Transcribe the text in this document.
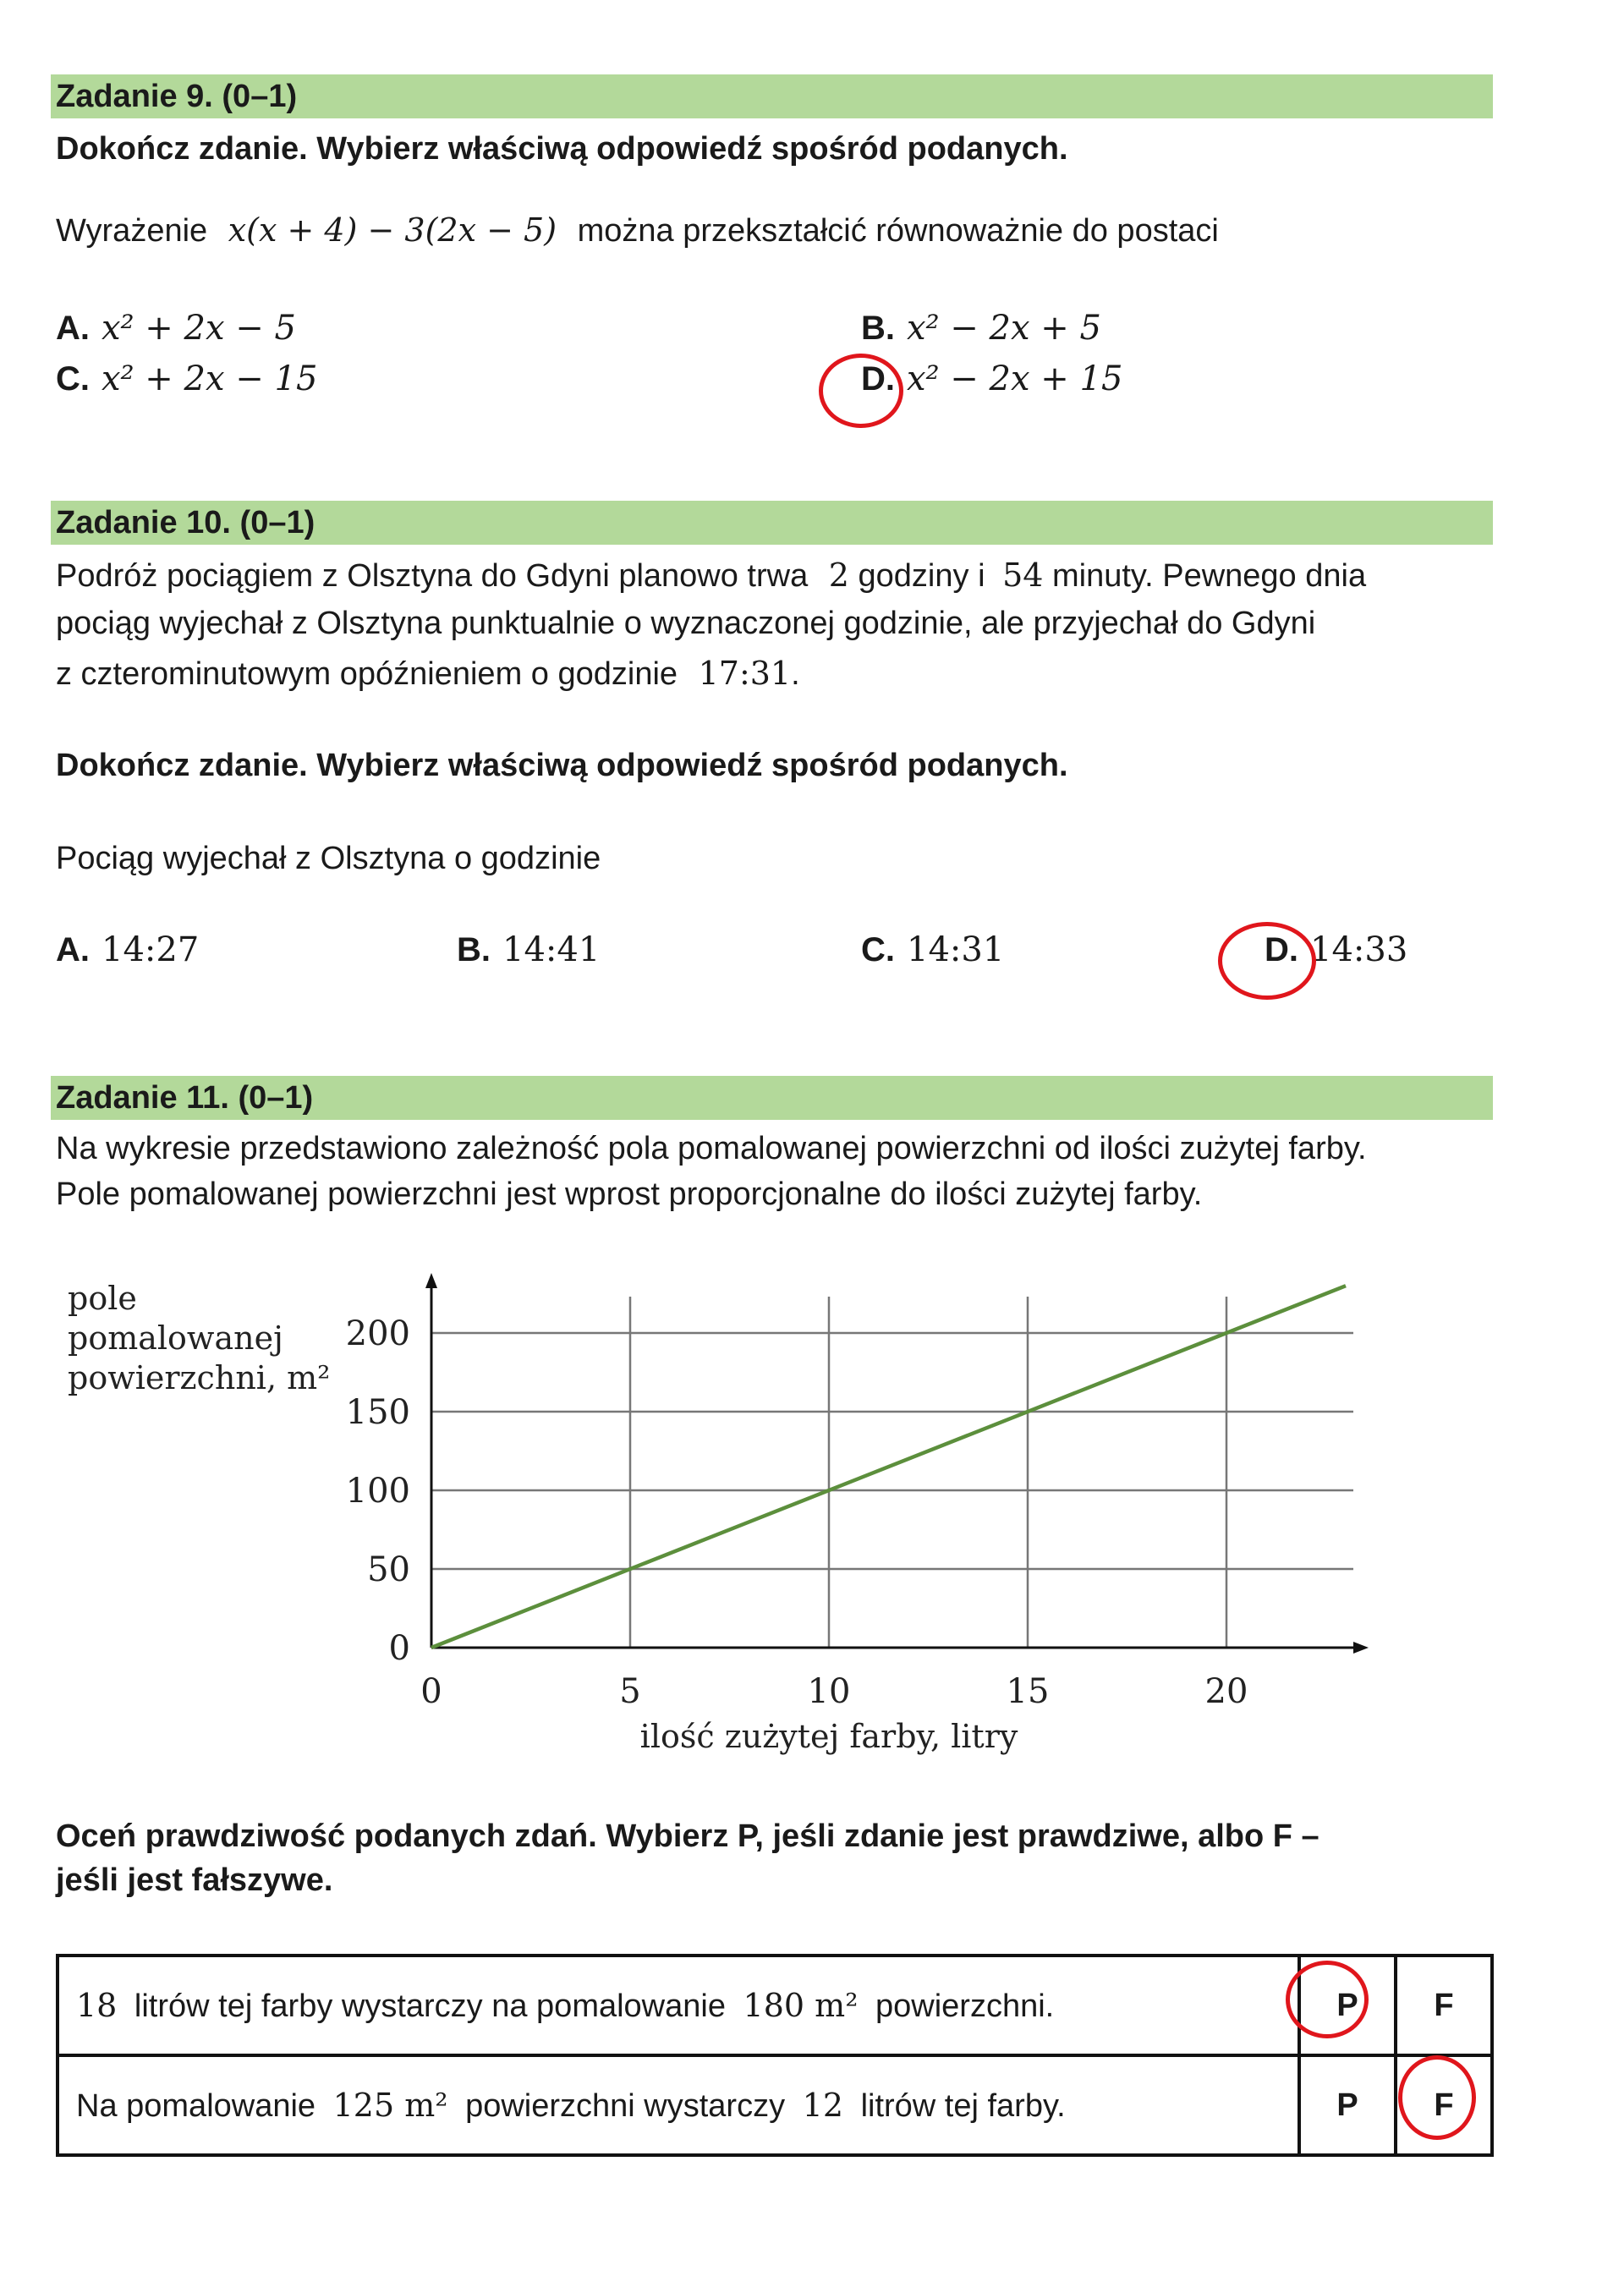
Zadanie 9. (0–1)
Dokończ zdanie. Wybierz właściwą odpowiedź spośród podanych.
Wyrażenie x(x + 4) − 3(2x − 5) można przekształcić równoważnie do postaci
A. x² + 2x − 5	B. x² − 2x + 5
C. x² + 2x − 15	D. x² − 2x + 15
Zadanie 10. (0–1)
Podróż pociągiem z Olsztyna do Gdyni planowo trwa 2 godziny i 54 minuty. Pewnego dnia
pociąg wyjechał z Olsztyna punktualnie o wyznaczonej godzinie, ale przyjechał do Gdyni
z czterominutowym opóźnieniem o godzinie 17:31.
Dokończ zdanie. Wybierz właściwą odpowiedź spośród podanych.
Pociąg wyjechał z Olsztyna o godzinie
A. 14:27	B. 14:41	C. 14:31	D. 14:33
Zadanie 11. (0–1)
Na wykresie przedstawiono zależność pola pomalowanej powierzchni od ilości zużytej farby.
Pole pomalowanej powierzchni jest wprost proporcjonalne do ilości zużytej farby.
0	5	10	15	20
0
50
100
150
200
pole
pomalowanej
powierzchni, m²
ilość zużytej farby, litry
Oceń prawdziwość podanych zdań. Wybierz P, jeśli zdanie jest prawdziwe, albo F –
jeśli jest fałszywe.
18 litrów tej farby wystarczy na pomalowanie 180 m² powierzchni.	P	F
Na pomalowanie 125 m² powierzchni wystarczy 12 litrów tej farby.	P	F
